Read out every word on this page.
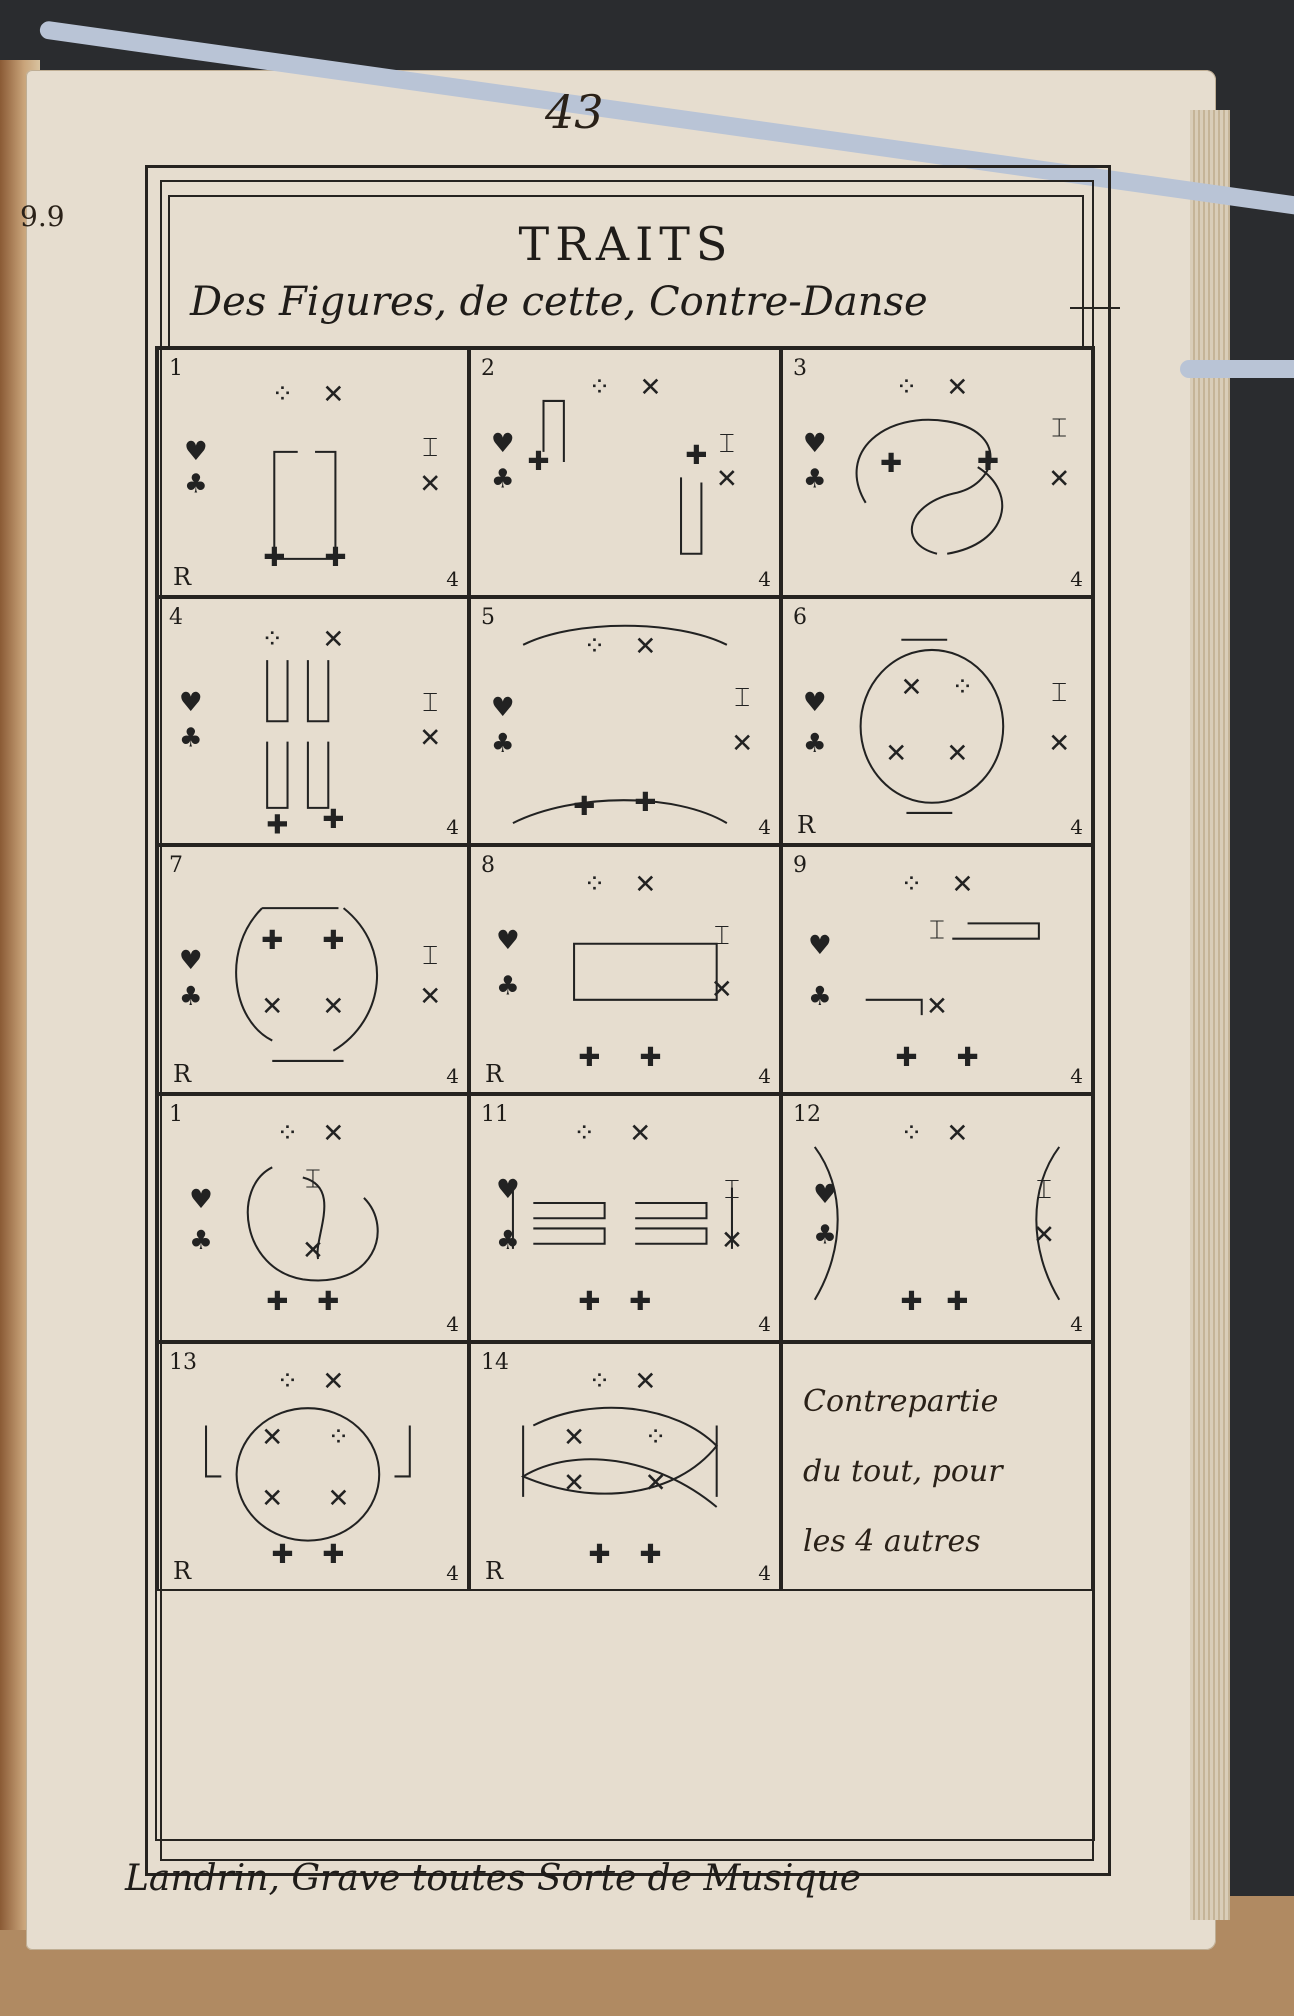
43
9.9
TRAITS
Des Figures, de cette, Contre-Danse
1
R	4
⁘ ✕
♥
♣
⌶
✕
✚ ✚
2
4
⁘ ✕
♥
♣
⌶
✕
✚	✚
3
4
⁘ ✕
♥
♣
⌶
✕
✚	✚
4
4
⁘ ✕
♥
♣
⌶
✕
✚ ✚
5
4
⁘ ✕
♥
♣
⌶
✕
✚ ✚
6
R	4
♥
♣
⌶
✕
✕ ⁘
✕ ✕
7
R	4
♥
♣
⌶
✕
✚ ✚
✕ ✕
8
R	4
⁘ ✕
♥
♣
⌶
✕
✚ ✚
9
4
⁘ ✕
♥
♣
⌶
✕
✚ ✚
1
4
⁘ ✕
♥
♣
⌶
✕
✚ ✚
11
4
⁘ ✕
♥
♣
⌶
✕
✚ ✚
12
4
⁘ ✕
♥
♣
⌶
✕
✚ ✚
13
R	4
⁘ ✕
✕ ⁘
✕ ✕
✚ ✚
14
R	4
⁘ ✕
✕ ⁘
✕ ✕
✚ ✚
Contrepartie
du tout, pour
les 4 autres
Landrin, Grave toutes Sorte de Musique
